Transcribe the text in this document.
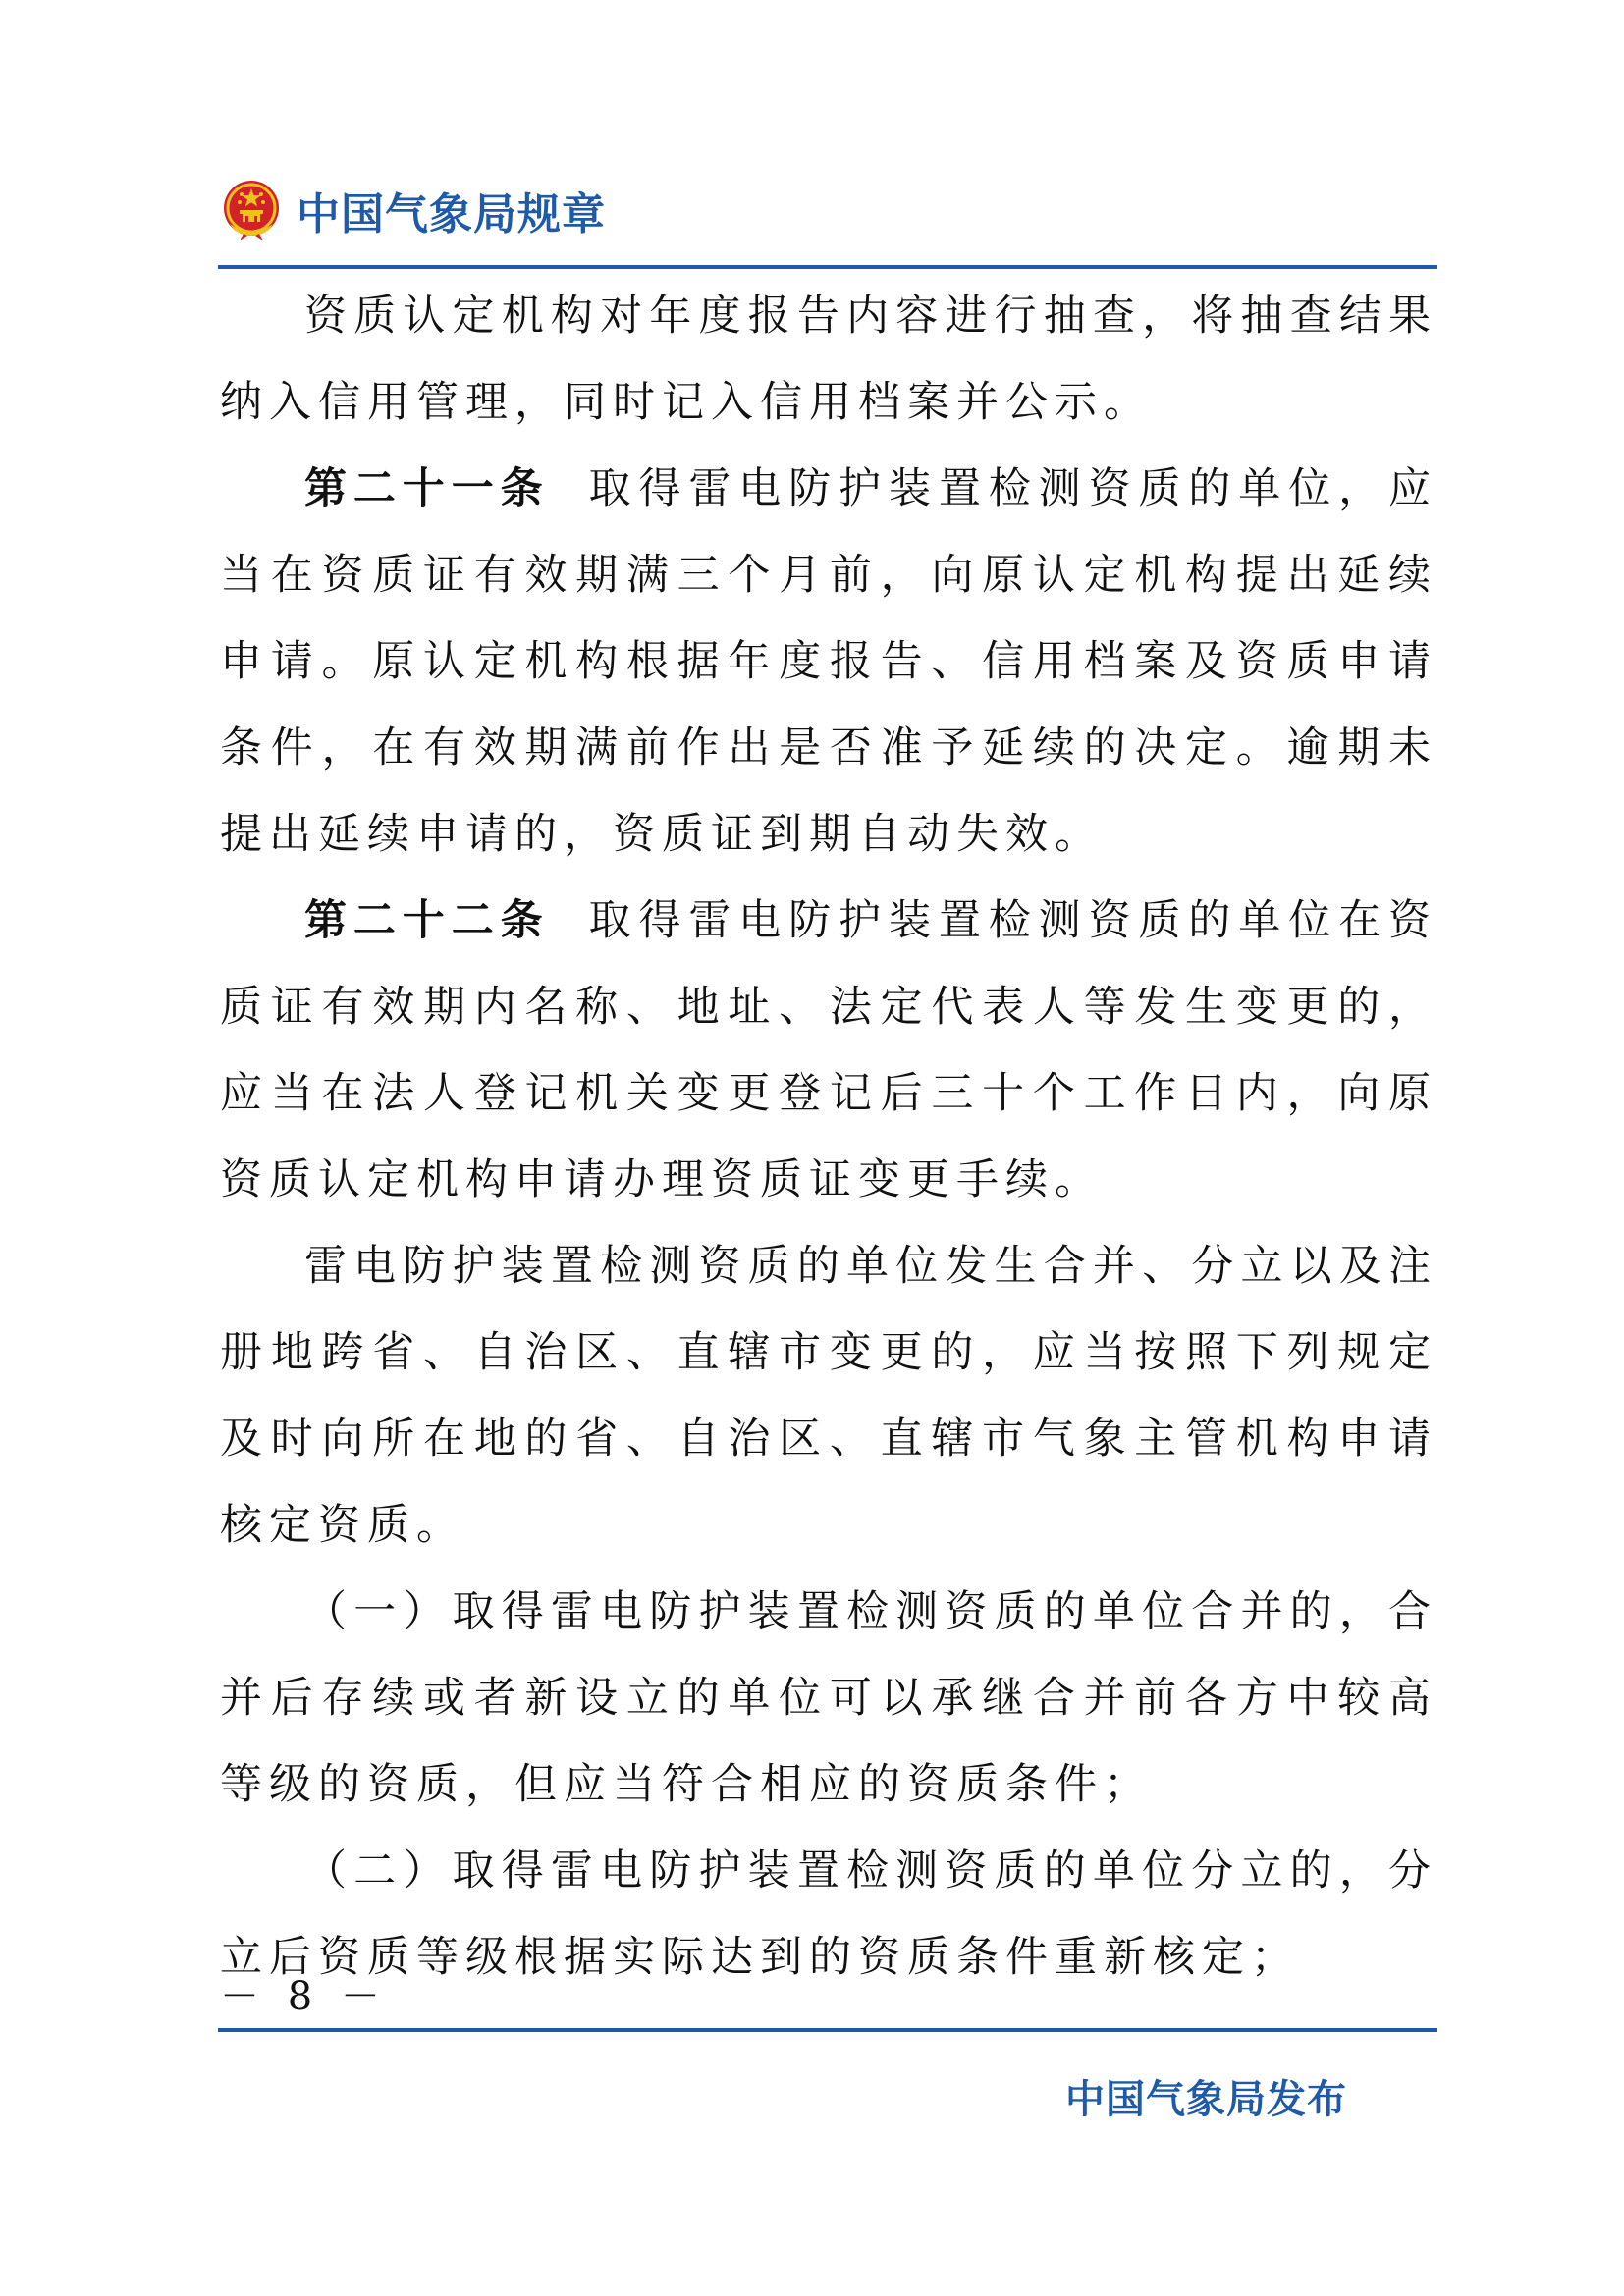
中国气象局规章

资质认定机构对年度报告内容进行抽查，将抽查结果纳入信用管理，同时记入信用档案并公示。

第二十一条 取得雷电防护装置检测资质的单位，应当在资质证有效期满三个月前，向原认定机构提出延续申请。原认定机构根据年度报告、信用档案及资质申请条件，在有效期满前作出是否准予延续的决定。逾期未提出延续申请的，资质证到期自动失效。

第二十二条 取得雷电防护装置检测资质的单位在资质证有效期内名称、地址、法定代表人等发生变更的，应当在法人登记机关变更登记后三十个工作日内，向原资质认定机构申请办理资质证变更手续。

雷电防护装置检测资质的单位发生合并、分立以及注册地跨省、自治区、直辖市变更的，应当按照下列规定及时向所在地的省、自治区、直辖市气象主管机构申请核定资质。

（一）取得雷电防护装置检测资质的单位合并的，合并后存续或者新设立的单位可以承继合并前各方中较高等级的资质，但应当符合相应的资质条件；

（二）取得雷电防护装置检测资质的单位分立的，分立后资质等级根据实际达到的资质条件重新核定；

－ 8 －
中国气象局发布
